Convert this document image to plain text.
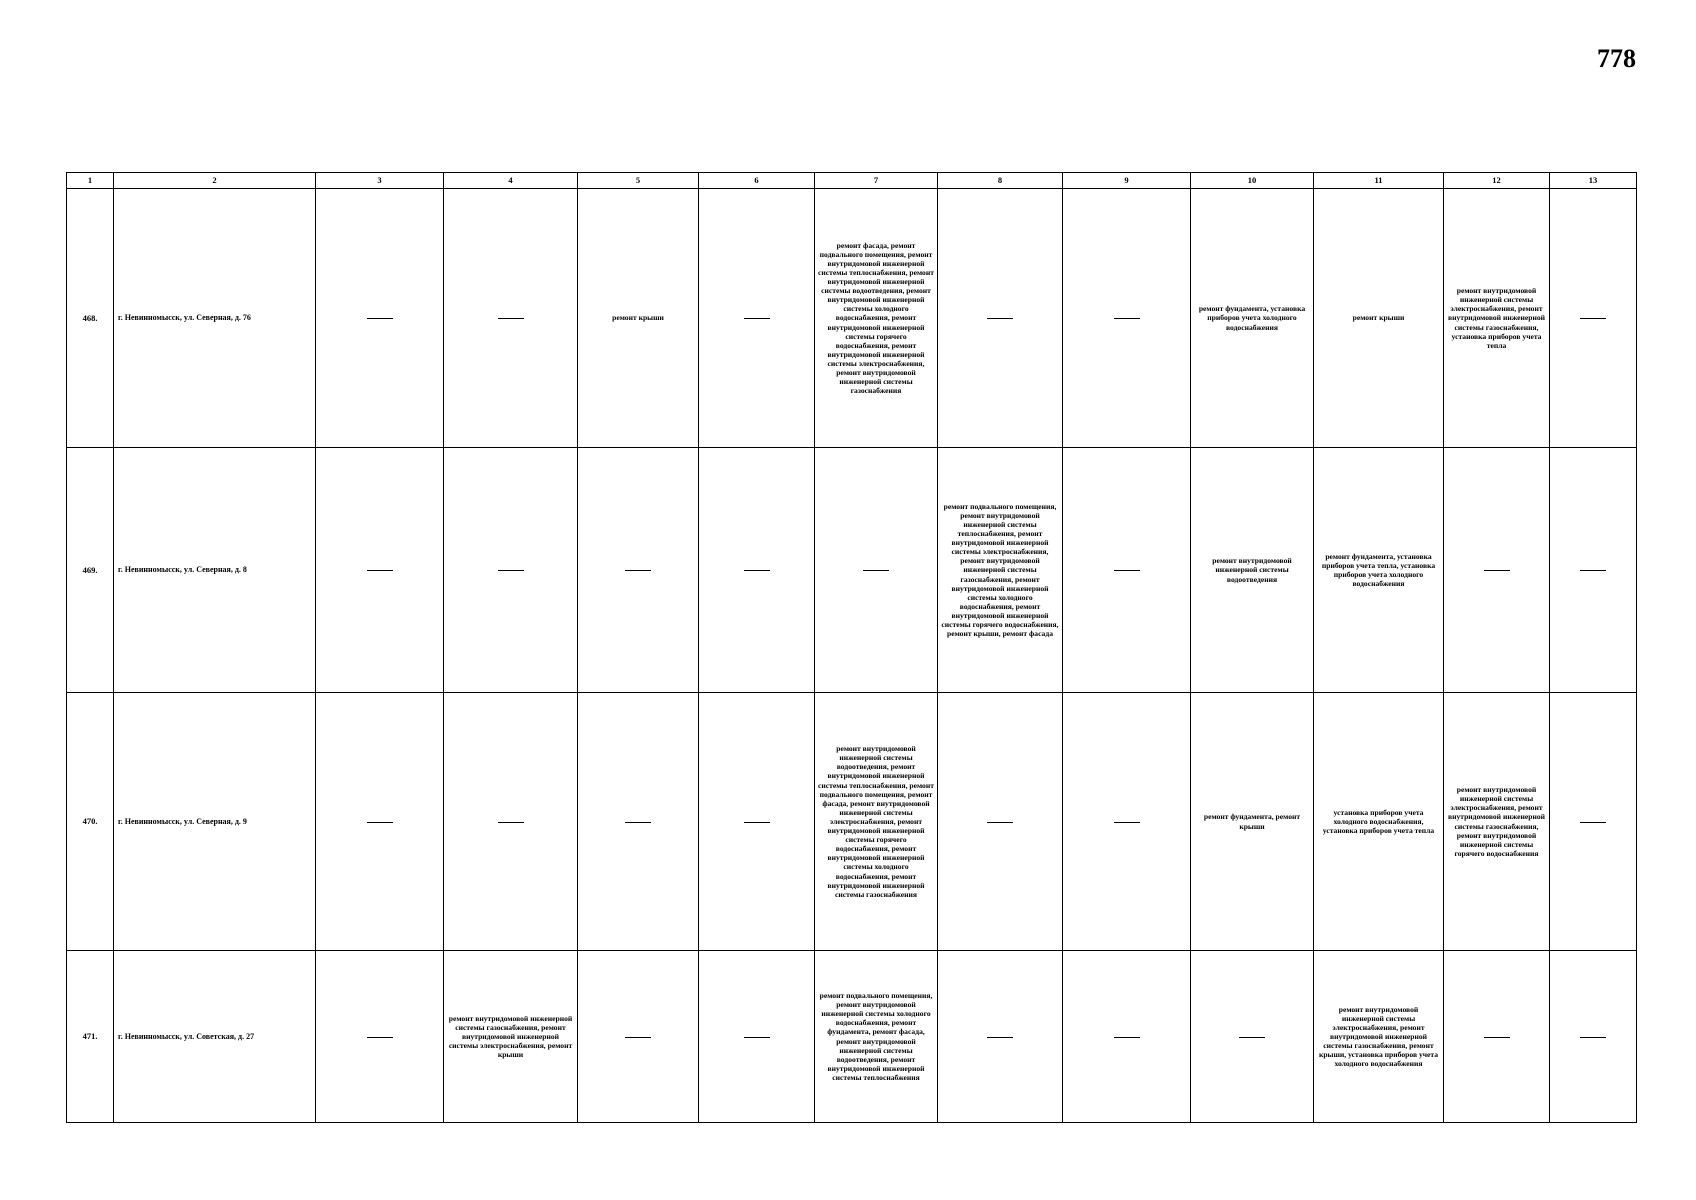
778
1	2	3	4	5	6	7	8	9	10	11	12	13
468.	г. Невинномысск, ул. Северная, д. 76			ремонт крыши		ремонт фасада, ремонт подвального помещения, ремонт внутридомовой инженерной системы теплоснабжения, ремонт внутридомовой инженерной системы водоотведения, ремонт внутридомовой инженерной системы холодного водоснабжения, ремонт внутридомовой инженерной системы горячего водоснабжения, ремонт внутридомовой инженерной системы электроснабжения, ремонт внутридомовой инженерной системы газоснабжения			ремонт фундамента, установка приборов учета холодного водоснабжения	ремонт крыши	ремонт внутридомовой инженерной системы электроснабжения, ремонт внутридомовой инженерной системы газоснабжения, установка приборов учета тепла	
469.	г. Невинномысск, ул. Северная, д. 8						ремонт подвального помещения, ремонт внутридомовой инженерной системы теплоснабжения, ремонт внутридомовой инженерной системы электроснабжения, ремонт внутридомовой инженерной системы газоснабжения, ремонт внутридомовой инженерной системы холодного водоснабжения, ремонт внутридомовой инженерной системы горячего водоснабжения, ремонт крыши, ремонт фасада		ремонт внутридомовой инженерной системы водоотведения	ремонт фундамента, установка приборов учета тепла, установка приборов учета холодного водоснабжения		
470.	г. Невинномысск, ул. Северная, д. 9					ремонт внутридомовой инженерной системы водоотведения, ремонт внутридомовой инженерной системы теплоснабжения, ремонт подвального помещения, ремонт фасада, ремонт внутридомовой инженерной системы электроснабжения, ремонт внутридомовой инженерной системы горячего водоснабжения, ремонт внутридомовой инженерной системы холодного водоснабжения, ремонт внутридомовой инженерной системы газоснабжения			ремонт фундамента, ремонт крыши	установка приборов учета холодного водоснабжения, установка приборов учета тепла	ремонт внутридомовой инженерной системы электроснабжения, ремонт внутридомовой инженерной системы газоснабжения, ремонт внутридомовой инженерной системы горячего водоснабжения	
471.	г. Невинномысск, ул. Советская, д. 27		ремонт внутридомовой инженерной системы газоснабжения, ремонт внутридомовой инженерной системы электроснабжения, ремонт крыши			ремонт подвального помещения, ремонт внутридомовой инженерной системы холодного водоснабжения, ремонт фундамента, ремонт фасада, ремонт внутридомовой инженерной системы водоотведения, ремонт внутридомовой инженерной системы теплоснабжения				ремонт внутридомовой инженерной системы электроснабжения, ремонт внутридомовой инженерной системы газоснабжения, ремонт крыши, установка приборов учета холодного водоснабжения		
